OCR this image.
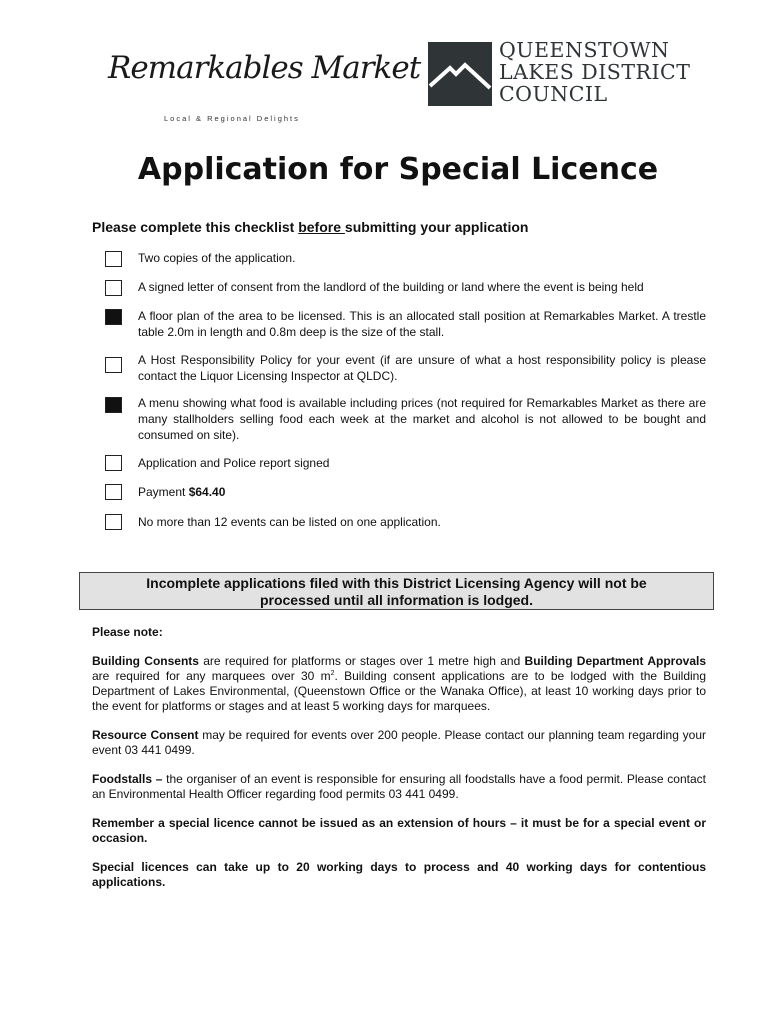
Remarkables Market
Local & Regional Delights
QUEENSTOWN
LAKES DISTRICT
COUNCIL
Application for Special Licence
Please complete this checklist before submitting your application
Two copies of the application.
A signed letter of consent from the landlord of the building or land where the event is being held
A floor plan of the area to be licensed. This is an allocated stall position at Remarkables Market. A trestle table 2.0m in length and 0.8m deep is the size of the stall.
A Host Responsibility Policy for your event (if are unsure of what a host responsibility policy is please contact the Liquor Licensing Inspector at QLDC).
A menu showing what food is available including prices (not required for Remarkables Market as there are many stallholders selling food each week at the market and alcohol is not allowed to be bought and consumed on site).
Application and Police report signed
Payment $64.40
No more than 12 events can be listed on one application.
Incomplete applications filed with this District Licensing Agency will not be
processed until all information is lodged.
Please note:
Building Consents are required for platforms or stages over 1 metre high and Building Department Approvals are required for any marquees over 30 $m^2$. Building consent applications are to be lodged with the Building Department of Lakes Environmental, (Queenstown Office or the Wanaka Office), at least 10 working days prior to the event for platforms or stages and at least 5 working days for marquees.
Resource Consent may be required for events over 200 people. Please contact our planning team regarding your event 03 441 0499.
Foodstalls – the organiser of an event is responsible for ensuring all foodstalls have a food permit. Please contact an Environmental Health Officer regarding food permits 03 441 0499.
Remember a special licence cannot be issued as an extension of hours – it must be for a special event or occasion.
Special licences can take up to 20 working days to process and 40 working days for contentious applications.
